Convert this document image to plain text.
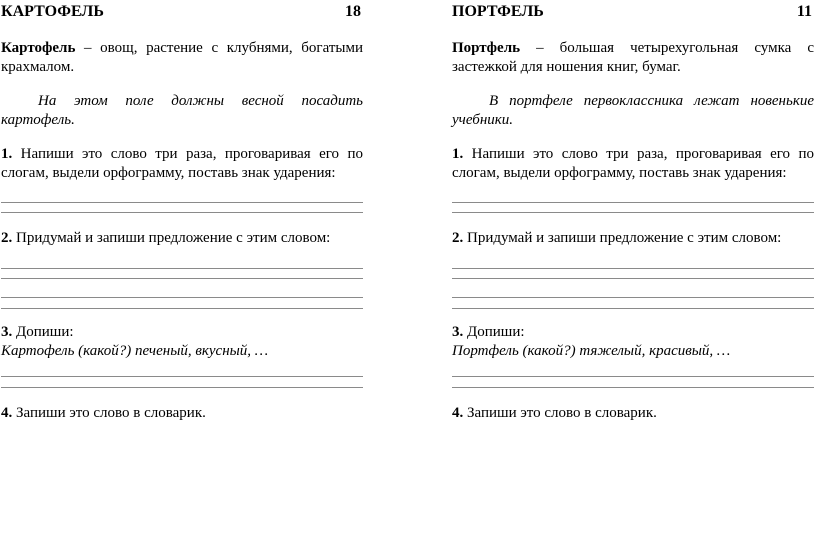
КАРТОФЕЛЬ	18
Картофель – овощ, растение с клубнями, богатыми крахмалом.
На этом поле должны весной посадить картофель.
1. Напиши это слово три раза, проговаривая его по слогам, выдели орфограмму, поставь знак ударения:
2. Придумай и запиши предложение с этим словом:
3. Допиши:
Картофель (какой?) печеный, вкусный, …
4. Запиши это слово в словарик.
ПОРТФЕЛЬ	11
Портфель – большая четырехугольная сумка с застежкой для ношения книг, бумаг.
В портфеле первоклассника лежат новенькие учебники.
1. Напиши это слово три раза, проговаривая его по слогам, выдели орфограмму, поставь знак ударения:
2. Придумай и запиши предложение с этим словом:
3. Допиши:
Портфель (какой?) тяжелый, красивый, …
4. Запиши это слово в словарик.
